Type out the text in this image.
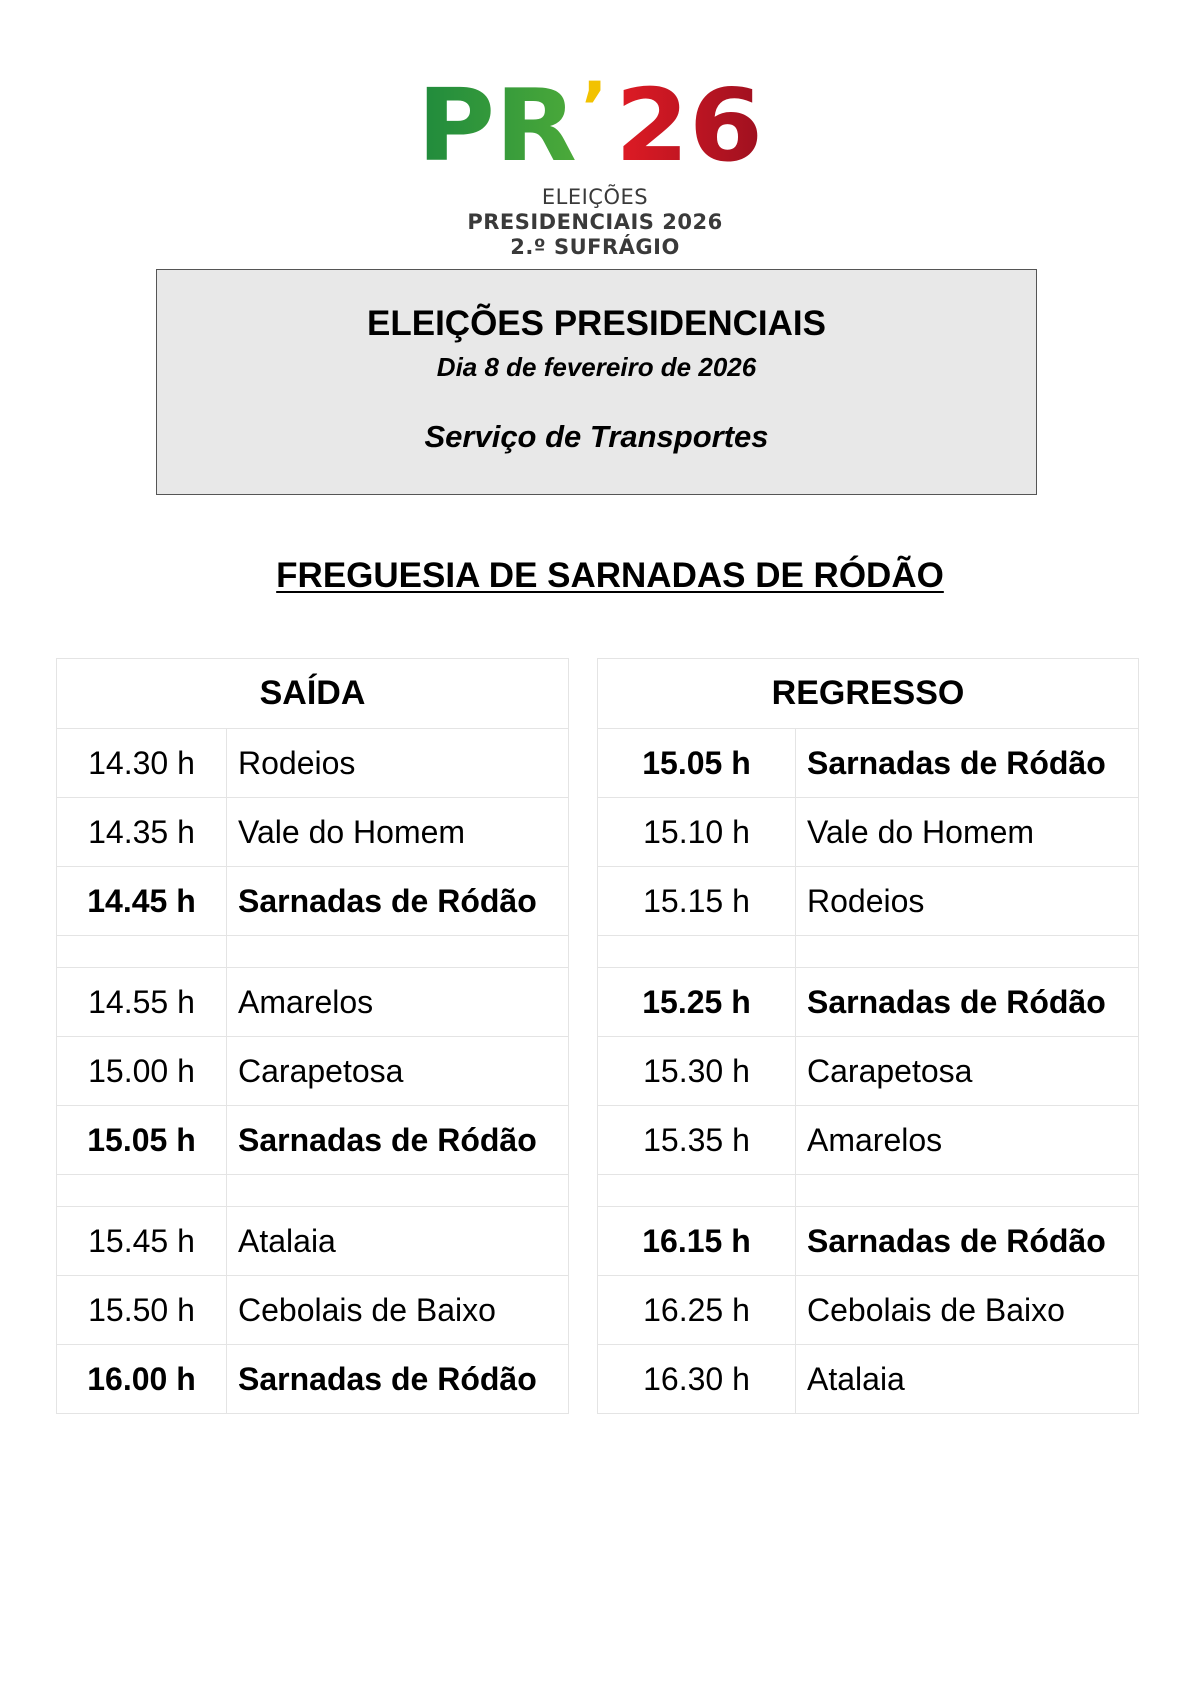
PR ’ 26
ELEIÇÕES
PRESIDENCIAIS 2026
2.º SUFRÁGIO
ELEIÇÕES PRESIDENCIAIS
Dia 8 de fevereiro de 2026
Serviço de Transportes
FREGUESIA DE SARNADAS DE RÓDÃO
SAÍDA	
14.30 h	Rodeios
14.35 h	Vale do Homem
14.45 h	Sarnadas de Ródão

14.55 h	Amarelos
15.00 h	Carapetosa
15.05 h	Sarnadas de Ródão

15.45 h	Atalaia
15.50 h	Cebolais de Baixo
16.00 h	Sarnadas de Ródão
REGRESSO	
15.05 h	Sarnadas de Ródão
15.10 h	Vale do Homem
15.15 h	Rodeios

15.25 h	Sarnadas de Ródão
15.30 h	Carapetosa
15.35 h	Amarelos

16.15 h	Sarnadas de Ródão
16.25 h	Cebolais de Baixo
16.30 h	Atalaia
